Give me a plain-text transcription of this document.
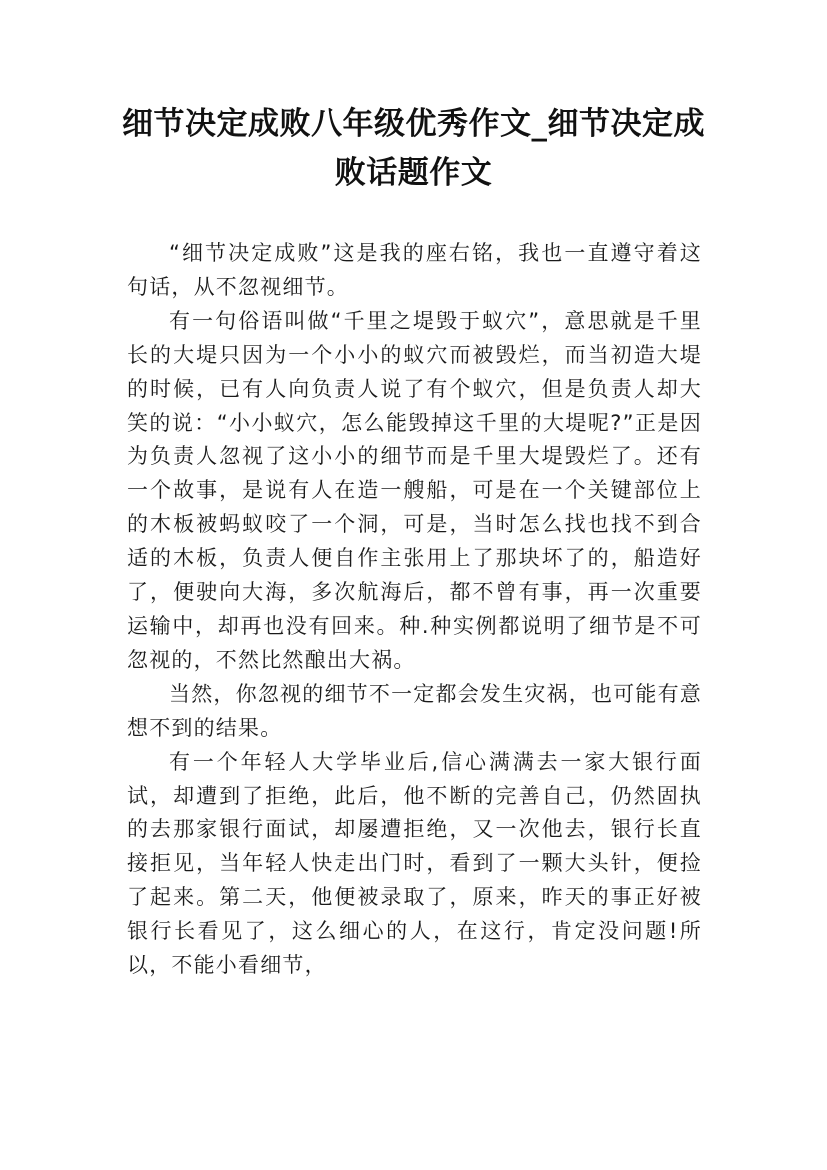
细节决定成败八年级优秀作文_细节决定成败话题作文

“细节决定成败”这是我的座右铭，我也一直遵守着这句话，从不忽视细节。

有一句俗语叫做“千里之堤毁于蚁穴”，意思就是千里长的大堤只因为一个小小的蚁穴而被毁烂，而当初造大堤的时候，已有人向负责人说了有个蚁穴，但是负责人却大笑的说：“小小蚁穴，怎么能毁掉这千里的大堤呢?”正是因为负责人忽视了这小小的细节而是千里大堤毁烂了。还有一个故事，是说有人在造一艘船，可是在一个关键部位上的木板被蚂蚁咬了一个洞，可是，当时怎么找也找不到合适的木板，负责人便自作主张用上了那块坏了的，船造好了，便驶向大海，多次航海后，都不曾有事，再一次重要运输中，却再也没有回来。种.种实例都说明了细节是不可忽视的，不然比然酿出大祸。

当然，你忽视的细节不一定都会发生灾祸，也可能有意想不到的结果。

有一个年轻人大学毕业后,信心满满去一家大银行面试，却遭到了拒绝，此后，他不断的完善自己，仍然固执的去那家银行面试，却屡遭拒绝，又一次他去，银行长直接拒见，当年轻人快走出门时，看到了一颗大头针，便捡了起来。第二天，他便被录取了，原来，昨天的事正好被银行长看见了，这么细心的人，在这行，肯定没问题!所以，不能小看细节，
